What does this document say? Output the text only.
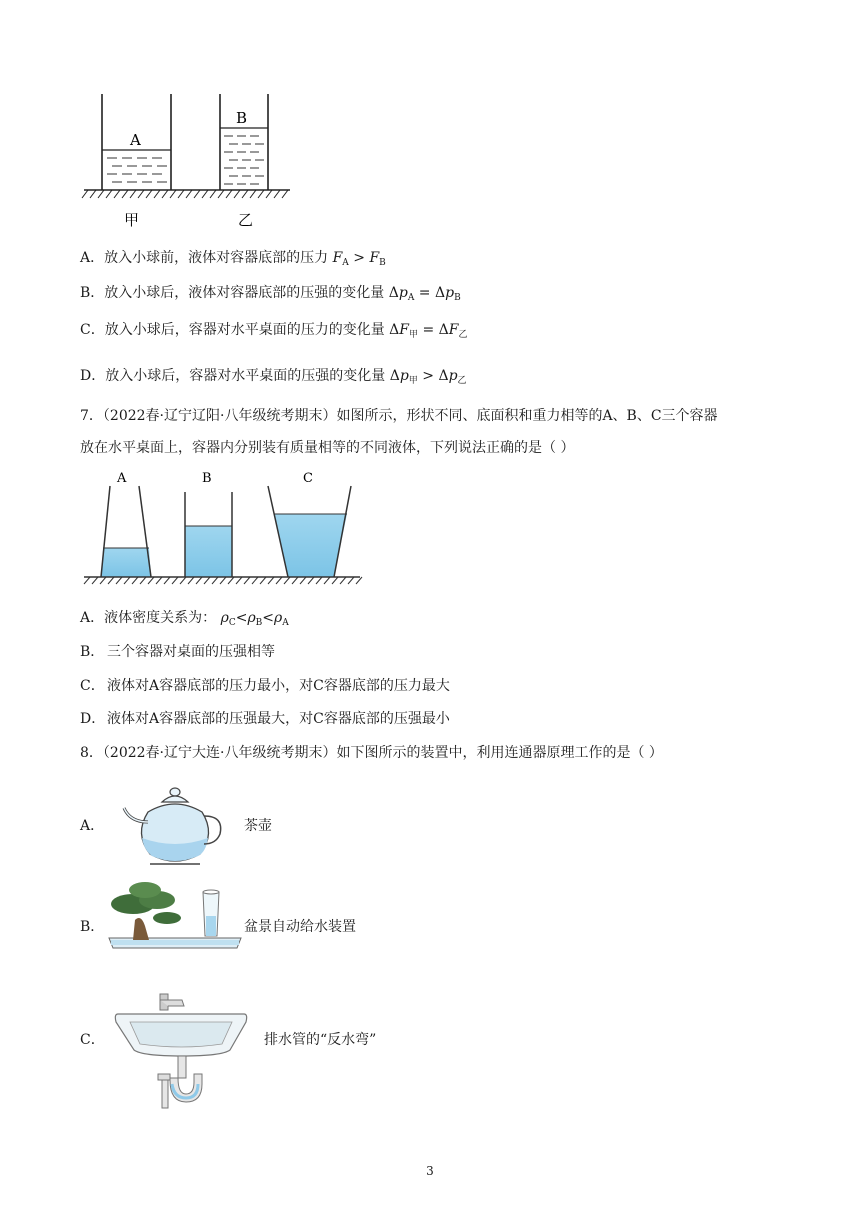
A
B
甲	乙
A．放入小球前，液体对容器底部的压力 $F_A > F_B$
B．放入小球后，液体对容器底部的压强的变化量 $\Delta p_A = \Delta p_B$
C．放入小球后，容器对水平桌面的压力的变化量 $\Delta F_甲 = \Delta F_乙$
D．放入小球后，容器对水平桌面的压强的变化量 $\Delta p_甲 > \Delta p_乙$
7．（2022春·辽宁辽阳·八年级统考期末）如图所示，形状不同、底面积和重力相等的A、B、C三个容器
放在水平桌面上，容器内分别装有质量相等的不同液体，下列说法正确的是（ ）
A	B	C
A．液体密度关系为： $\rho_C<\rho_B<\rho_A$
B． 三个容器对桌面的压强相等
C． 液体对A容器底部的压力最小，对C容器底部的压力最大
D． 液体对A容器底部的压强最大，对C容器底部的压强最小
8．（2022春·辽宁大连·八年级统考期末）如下图所示的装置中，利用连通器原理工作的是（ ）
A．	茶壶
B．	盆景自动给水装置
C．	排水管的“反水弯”
3
